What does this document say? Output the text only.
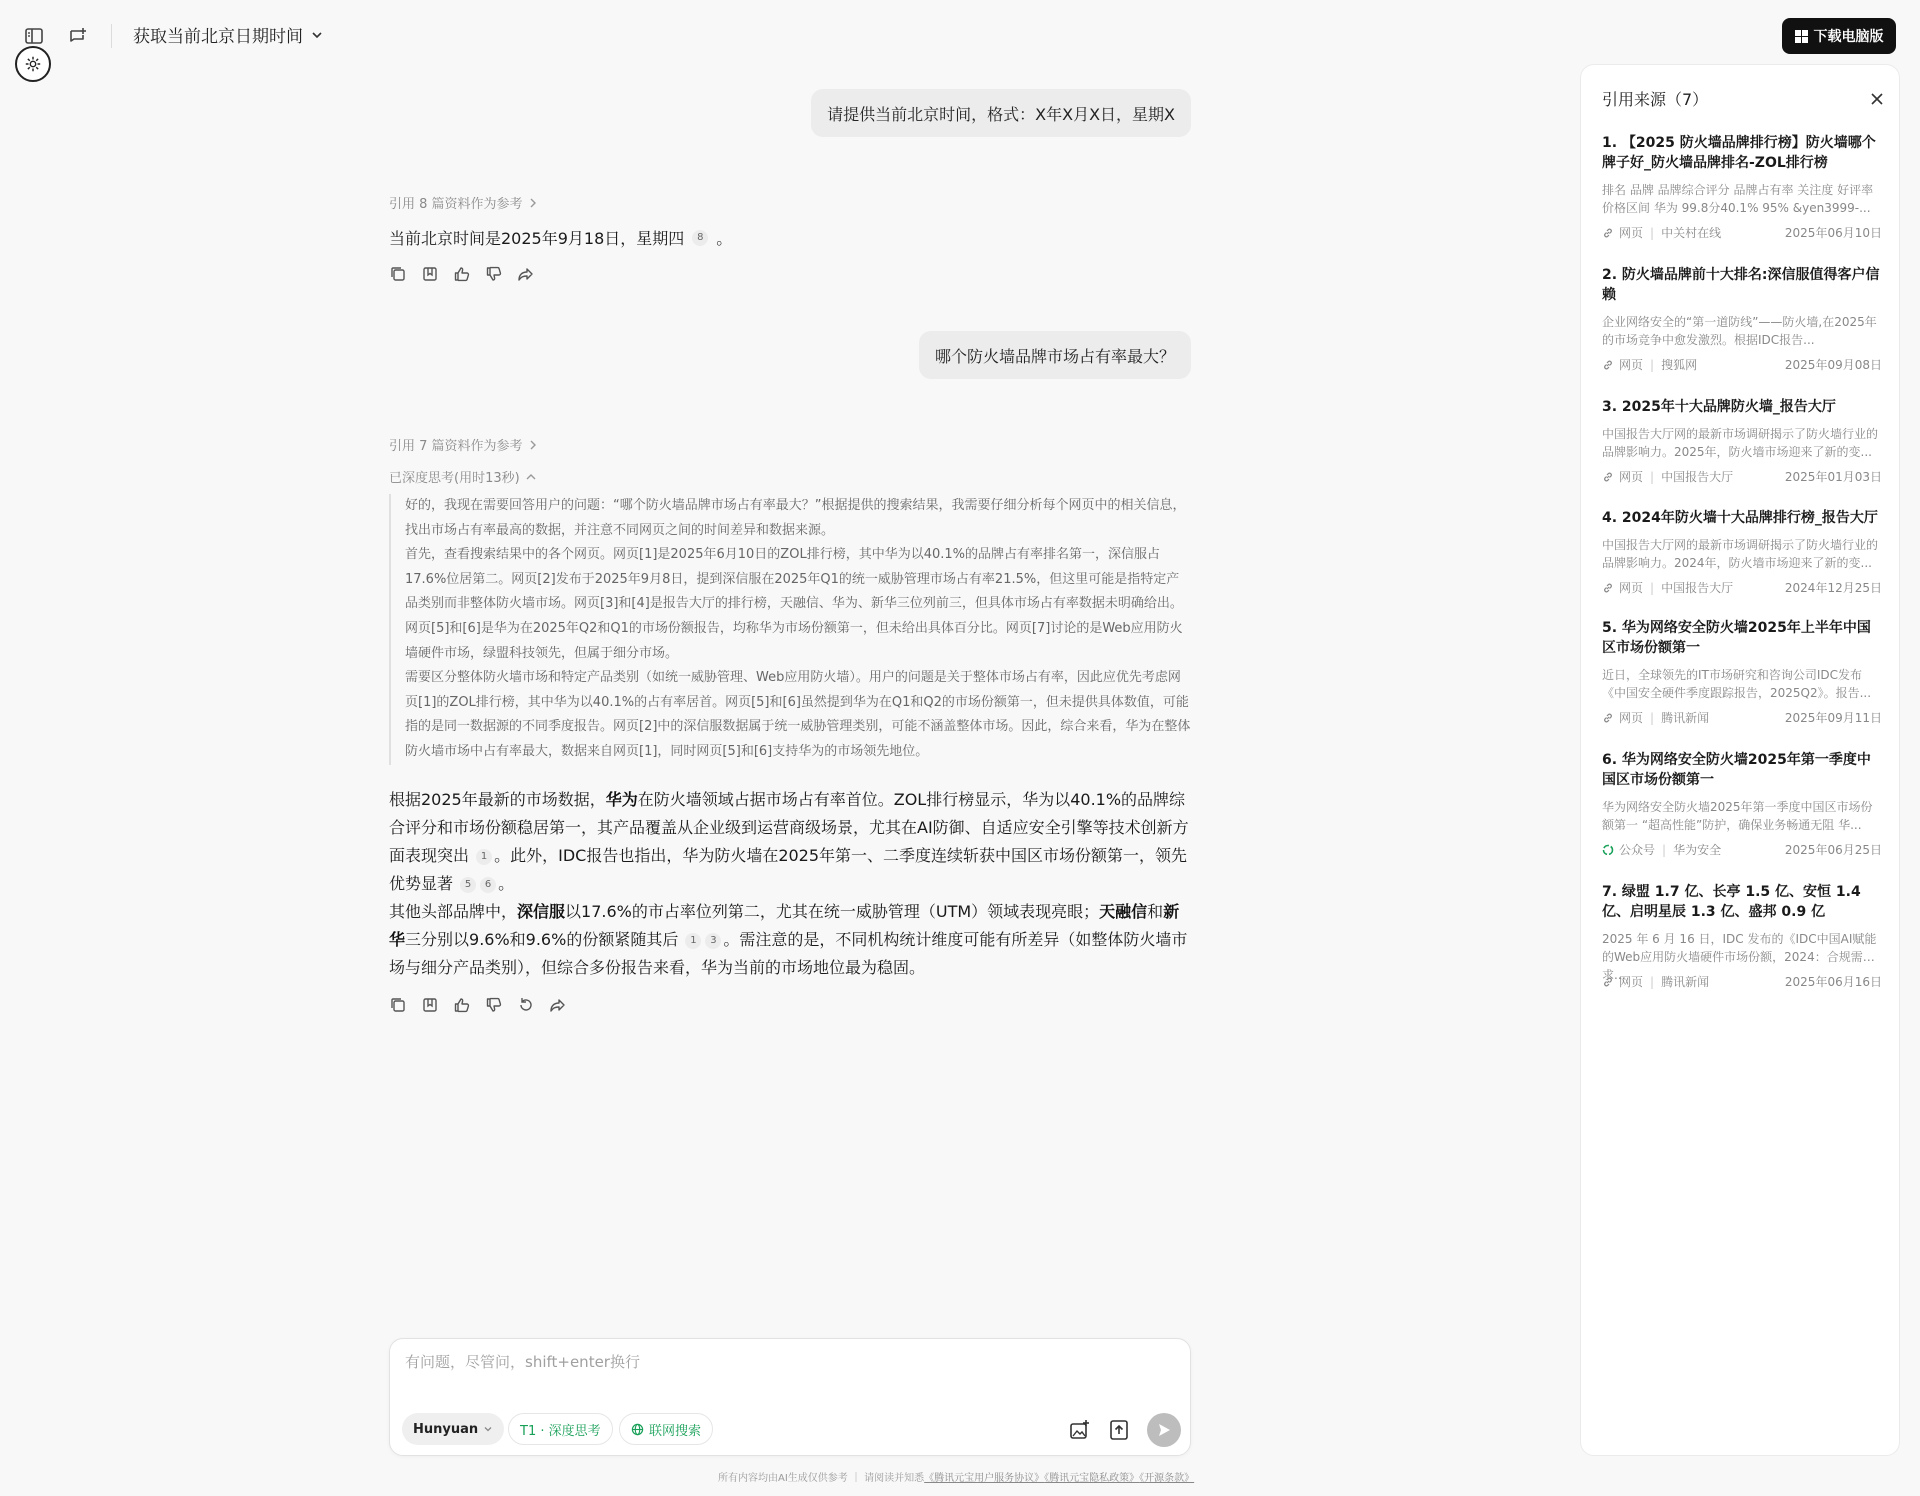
获取当前北京日期时间	下载电脑版
请提供当前北京时间，格式：X年X月X日，星期X
引用 8 篇资料作为参考
当前北京时间是2025年9月18日，星期四	8 。
哪个防火墙品牌市场占有率最大？
引用 7 篇资料作为参考
已深度思考(用时13秒)

好的，我现在需要回答用户的问题：“哪个防火墙品牌市场占有率最大？”根据提供的搜索结果，我需要仔细分析每个网页中的相关信息，找出市场占有率最高的数据，并注意不同网页之间的时间差异和数据来源。

首先，查看搜索结果中的各个网页。网页[1]是2025年6月10日的ZOL排行榜，其中华为以40.1%的品牌占有率排名第一，深信服占17.6%位居第二。网页[2]发布于2025年9月8日，提到深信服在2025年Q1的统一威胁管理市场占有率21.5%，但这里可能是指特定产品类别而非整体防火墙市场。网页[3]和[4]是报告大厅的排行榜，天融信、华为、新华三位列前三，但具体市场占有率数据未明确给出。网页[5]和[6]是华为在2025年Q2和Q1的市场份额报告，均称华为市场份额第一，但未给出具体百分比。网页[7]讨论的是Web应用防火墙硬件市场，绿盟科技领先，但属于细分市场。

需要区分整体防火墙市场和特定产品类别（如统一威胁管理、Web应用防火墙）。用户的问题是关于整体市场占有率，因此应优先考虑网页[1]的ZOL排行榜，其中华为以40.1%的占有率居首。网页[5]和[6]虽然提到华为在Q1和Q2的市场份额第一，但未提供具体数值，可能指的是同一数据源的不同季度报告。网页[2]中的深信服数据属于统一威胁管理类别，可能不涵盖整体市场。因此，综合来看，华为在整体防火墙市场中占有率最大，数据来自网页[1]，同时网页[5]和[6]支持华为的市场领先地位。

根据2025年最新的市场数据，华为在防火墙领域占据市场占有率首位。ZOL排行榜显示，华为以40.1%的品牌综合评分和市场份额稳居第一，其产品覆盖从企业级到运营商级场景，尤其在AI防御、自适应安全引擎等技术创新方面表现突出 1 。此外，IDC报告也指出，华为防火墙在2025年第一、二季度连续斩获中国区市场份额第一，领先优势显著 5 6 。

其他头部品牌中，深信服以17.6%的市占率位列第二，尤其在统一威胁管理（UTM）领域表现亮眼；天融信和新华三分别以9.6%和9.6%的份额紧随其后 1 3 。需注意的是，不同机构统计维度可能有所差异（如整体防火墙市场与细分产品类别），但综合多份报告来看，华为当前的市场地位最为稳固。

有问题，尽管问，shift+enter换行
Hunyuan	T1 · 深度思考	联网搜索
所有内容均由AI生成仅供参考 ｜ 请阅读并知悉《腾讯元宝用户服务协议》《腾讯元宝隐私政策》《开源条款》
引用来源（7）
1. 【2025 防火墙品牌排行榜】防火墙哪个牌子好_防火墙品牌排名-ZOL排行榜
排名 品牌 品牌综合评分 品牌占有率 关注度 好评率 价格区间 华为 99.8分40.1% 95% &yen3999-...
网页 | 中关村在线	2025年06月10日
2. 防火墙品牌前十大排名:深信服值得客户信赖
企业网络安全的“第一道防线”——防火墙,在2025年的市场竞争中愈发激烈。根据IDC报告...
网页 | 搜狐网	2025年09月08日
3. 2025年十大品牌防火墙_报告大厅
中国报告大厅网的最新市场调研揭示了防火墙行业的品牌影响力。2025年，防火墙市场迎来了新的变...
网页 | 中国报告大厅	2025年01月03日
4. 2024年防火墙十大品牌排行榜_报告大厅
中国报告大厅网的最新市场调研揭示了防火墙行业的品牌影响力。2024年，防火墙市场迎来了新的变...
网页 | 中国报告大厅	2024年12月25日
5. 华为网络安全防火墙2025年上半年中国区市场份额第一
近日，全球领先的IT市场研究和咨询公司IDC发布《中国安全硬件季度跟踪报告，2025Q2》。报告...
网页 | 腾讯新闻	2025年09月11日
6. 华为网络安全防火墙2025年第一季度中国区市场份额第一
华为网络安全防火墙2025年第一季度中国区市场份额第一 “超高性能”防护，确保业务畅通无阻 华...
公众号 | 华为安全	2025年06月25日
7. 绿盟 1.7 亿、长亭 1.5 亿、安恒 1.4 亿、启明星辰 1.3 亿、盛邦 0.9 亿
2025 年 6 月 16 日，IDC 发布的《IDC中国AI赋能的Web应用防火墙硬件市场份额，2024：合规需求...
网页 | 腾讯新闻	2025年06月16日
